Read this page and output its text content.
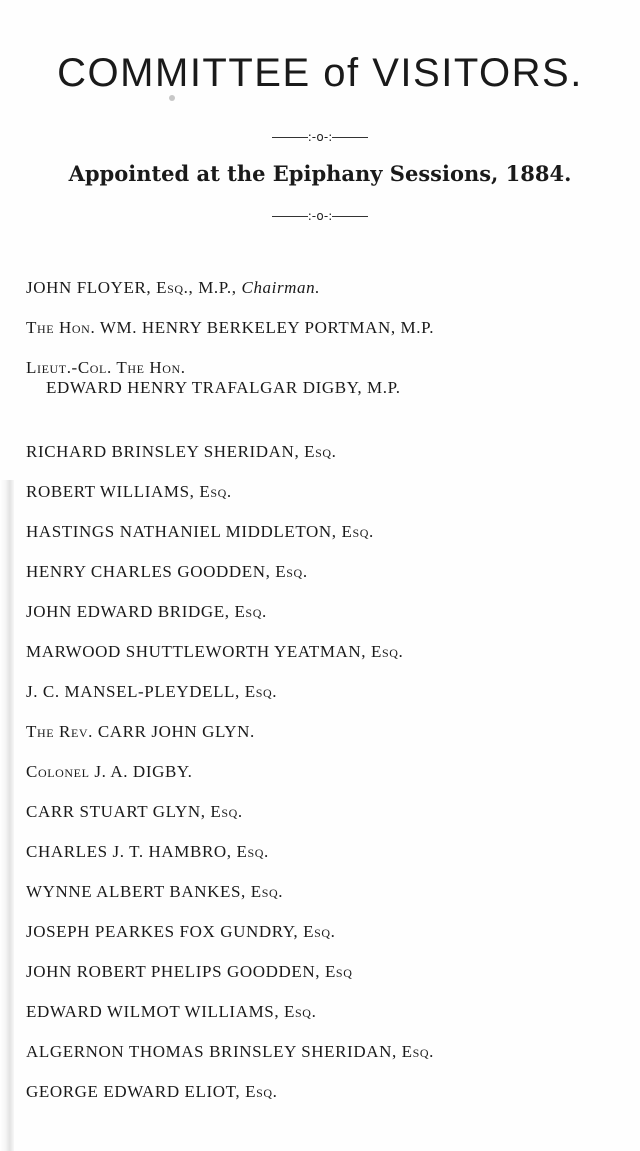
COMMITTEE of VISITORS.
:-o-:

Appointed at the Epiphany Sessions, 1884.

:-o-:
JOHN FLOYER, Esq., M.P., Chairman.
The Hon. WM. HENRY BERKELEY PORTMAN, M.P.
Lieut.-Col. The Hon.
EDWARD HENRY TRAFALGAR DIGBY, M.P.
RICHARD BRINSLEY SHERIDAN, Esq.
ROBERT WILLIAMS, Esq.
HASTINGS NATHANIEL MIDDLETON, Esq.
HENRY CHARLES GOODDEN, Esq.
JOHN EDWARD BRIDGE, Esq.
MARWOOD SHUTTLEWORTH YEATMAN, Esq.
J. C. MANSEL-PLEYDELL, Esq.
The Rev. CARR JOHN GLYN.
Colonel J. A. DIGBY.
CARR STUART GLYN, Esq.
CHARLES J. T. HAMBRO, Esq.
WYNNE ALBERT BANKES, Esq.
JOSEPH PEARKES FOX GUNDRY, Esq.
JOHN ROBERT PHELIPS GOODDEN, Esq
EDWARD WILMOT WILLIAMS, Esq.
ALGERNON THOMAS BRINSLEY SHERIDAN, Esq.
GEORGE EDWARD ELIOT, Esq.
